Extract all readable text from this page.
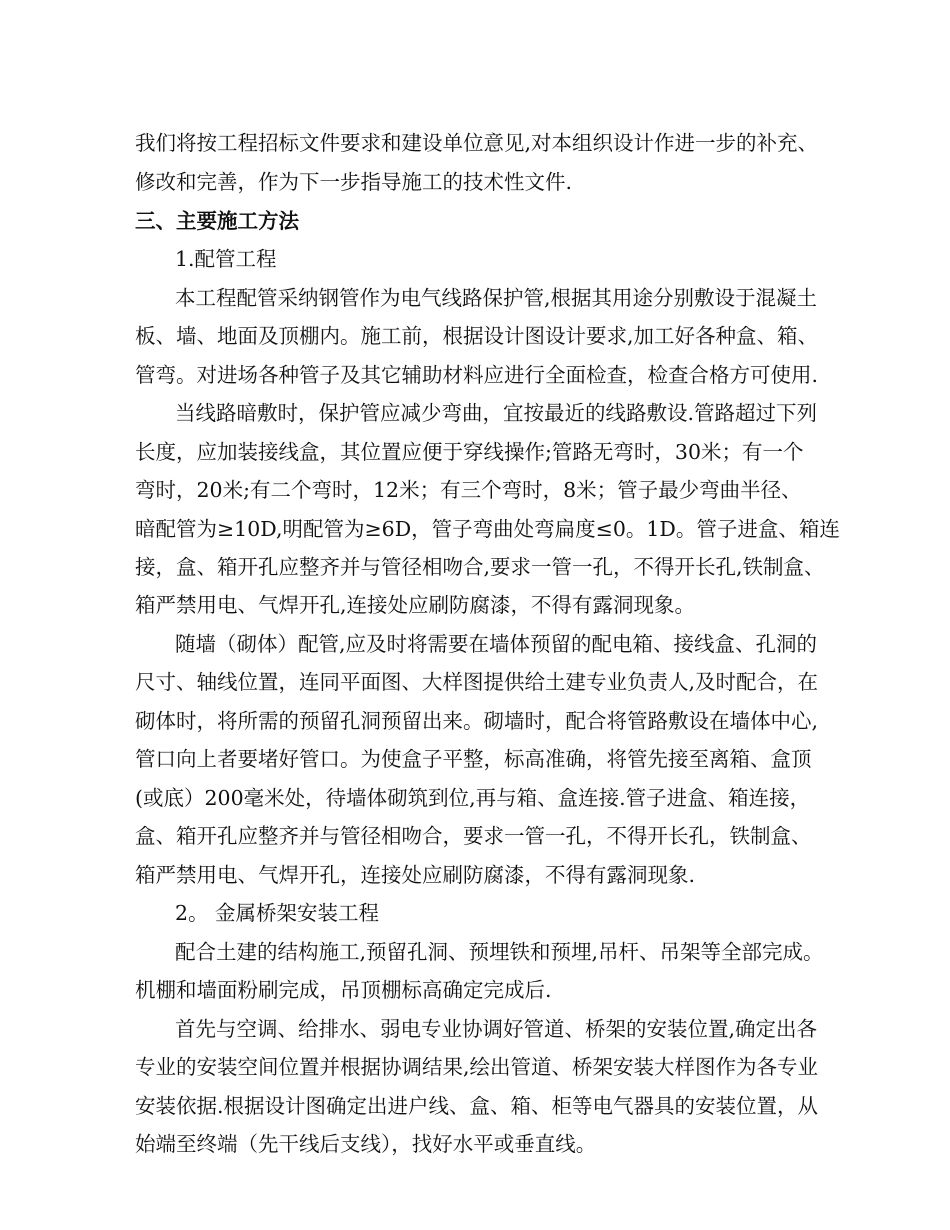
我们将按工程招标文件要求和建设单位意见,对本组织设计作进一步的补充、
修改和完善，作为下一步指导施工的技术性文件.
三、主要施工方法
1.配管工程
本工程配管采纳钢管作为电气线路保护管,根据其用途分别敷设于混凝土
板、墙、地面及顶棚内。施工前，根据设计图设计要求,加工好各种盒、箱、
管弯。对进场各种管子及其它辅助材料应进行全面检查，检查合格方可使用.
当线路暗敷时，保护管应减少弯曲，宜按最近的线路敷设.管路超过下列
长度，应加装接线盒，其位置应便于穿线操作;管路无弯时，30米；有一个
弯时，20米;有二个弯时，12米；有三个弯时，8米；管子最少弯曲半径、
暗配管为≥10D,明配管为≥6D，管子弯曲处弯扁度≤0。1D。管子进盒、箱连
接，盒、箱开孔应整齐并与管径相吻合,要求一管一孔，不得开长孔,铁制盒、
箱严禁用电、气焊开孔,连接处应刷防腐漆，不得有露洞现象。
随墙（砌体）配管,应及时将需要在墙体预留的配电箱、接线盒、孔洞的
尺寸、轴线位置，连同平面图、大样图提供给土建专业负责人,及时配合，在
砌体时，将所需的预留孔洞预留出来。砌墙时，配合将管路敷设在墙体中心,
管口向上者要堵好管口。为使盒子平整，标高准确，将管先接至离箱、盒顶
(或底）200毫米处，待墙体砌筑到位,再与箱、盒连接.管子进盒、箱连接，
盒、箱开孔应整齐并与管径相吻合，要求一管一孔，不得开长孔，铁制盒、
箱严禁用电、气焊开孔，连接处应刷防腐漆，不得有露洞现象.
2。 金属桥架安装工程
配合土建的结构施工,预留孔洞、预埋铁和预埋,吊杆、吊架等全部完成。
机棚和墙面粉刷完成，吊顶棚标高确定完成后.
首先与空调、给排水、弱电专业协调好管道、桥架的安装位置,确定出各
专业的安装空间位置并根据协调结果,绘出管道、桥架安装大样图作为各专业
安装依据.根据设计图确定出进户线、盒、箱、柜等电气器具的安装位置，从
始端至终端（先干线后支线），找好水平或垂直线。
